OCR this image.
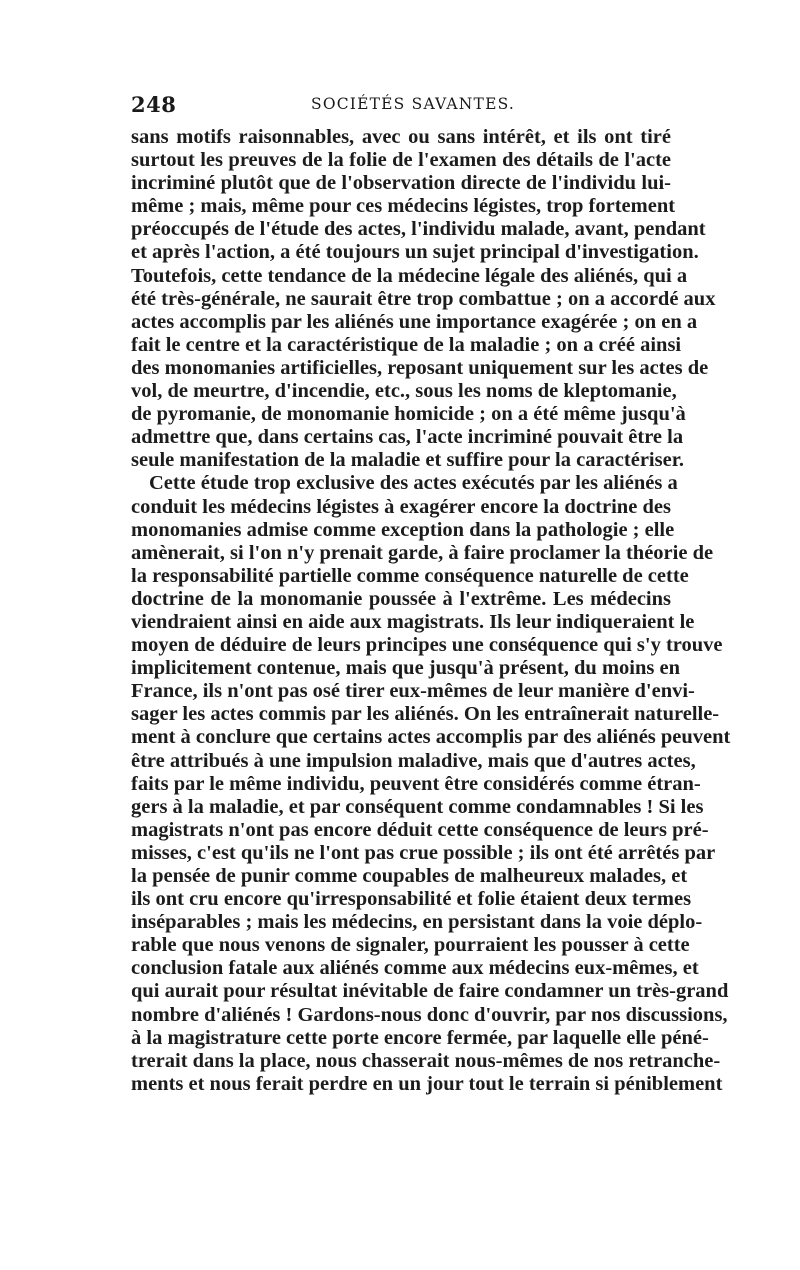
248	SOCIÉTÉS SAVANTES.
sans motifs raisonnables, avec ou sans intérêt, et ils ont tiré
surtout les preuves de la folie de l'examen des détails de l'acte
incriminé plutôt que de l'observation directe de l'individu lui-
même ; mais, même pour ces médecins légistes, trop fortement
préoccupés de l'étude des actes, l'individu malade, avant, pendant
et après l'action, a été toujours un sujet principal d'investigation.
Toutefois, cette tendance de la médecine légale des aliénés, qui a
été très-générale, ne saurait être trop combattue ; on a accordé aux
actes accomplis par les aliénés une importance exagérée ; on en a
fait le centre et la caractéristique de la maladie ; on a créé ainsi
des monomanies artificielles, reposant uniquement sur les actes de
vol, de meurtre, d'incendie, etc., sous les noms de kleptomanie,
de pyromanie, de monomanie homicide ; on a été même jusqu'à
admettre que, dans certains cas, l'acte incriminé pouvait être la
seule manifestation de la maladie et suffire pour la caractériser.
Cette étude trop exclusive des actes exécutés par les aliénés a
conduit les médecins légistes à exagérer encore la doctrine des
monomanies admise comme exception dans la pathologie ; elle
amènerait, si l'on n'y prenait garde, à faire proclamer la théorie de
la responsabilité partielle comme conséquence naturelle de cette
doctrine de la monomanie poussée à l'extrême. Les médecins
viendraient ainsi en aide aux magistrats. Ils leur indiqueraient le
moyen de déduire de leurs principes une conséquence qui s'y trouve
implicitement contenue, mais que jusqu'à présent, du moins en
France, ils n'ont pas osé tirer eux-mêmes de leur manière d'envi-
sager les actes commis par les aliénés. On les entraînerait naturelle-
ment à conclure que certains actes accomplis par des aliénés peuvent
être attribués à une impulsion maladive, mais que d'autres actes,
faits par le même individu, peuvent être considérés comme étran-
gers à la maladie, et par conséquent comme condamnables ! Si les
magistrats n'ont pas encore déduit cette conséquence de leurs pré-
misses, c'est qu'ils ne l'ont pas crue possible ; ils ont été arrêtés par
la pensée de punir comme coupables de malheureux malades, et
ils ont cru encore qu'irresponsabilité et folie étaient deux termes
inséparables ; mais les médecins, en persistant dans la voie déplo-
rable que nous venons de signaler, pourraient les pousser à cette
conclusion fatale aux aliénés comme aux médecins eux-mêmes, et
qui aurait pour résultat inévitable de faire condamner un très-grand
nombre d'aliénés ! Gardons-nous donc d'ouvrir, par nos discussions,
à la magistrature cette porte encore fermée, par laquelle elle péné-
trerait dans la place, nous chasserait nous-mêmes de nos retranche-
ments et nous ferait perdre en un jour tout le terrain si péniblement
